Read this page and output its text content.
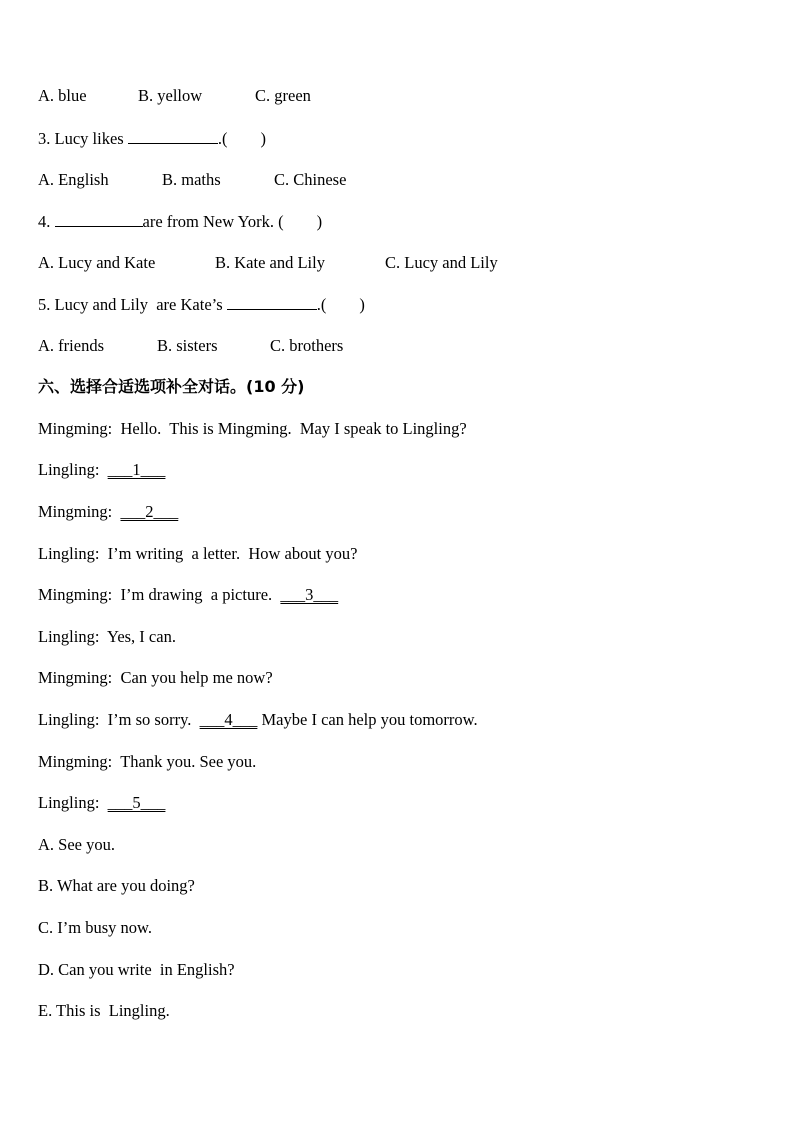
A. blue

	B. yellow

	C. green

3. Lucy likes	.(        )

A. English

	B. maths

	C. Chinese

4.	are from New York. (        )

A. Lucy and Kate

	B. Kate and Lily

	C. Lucy and Lily

5. Lucy and Lily  are Kate’s	.(        )

A. friends

	B. sisters

	C. brothers

六、选择合适选项补全对话。(10 分)
Mingming:  Hello.  This is Mingming.  May I speak to Lingling?
Lingling:  ___1___
Mingming:  ___2___
Lingling:  I’m writing  a letter.  How about you?
Mingming:  I’m drawing  a picture.  ___3___
Lingling:  Yes, I can.
Mingming:  Can you help me now?
Lingling:  I’m so sorry.  ___4___ Maybe I can help you tomorrow.
Mingming:  Thank you. See you.
Lingling:  ___5___
A. See you.
B. What are you doing?
C. I’m busy now.
D. Can you write  in English?
E. This is  Lingling.
